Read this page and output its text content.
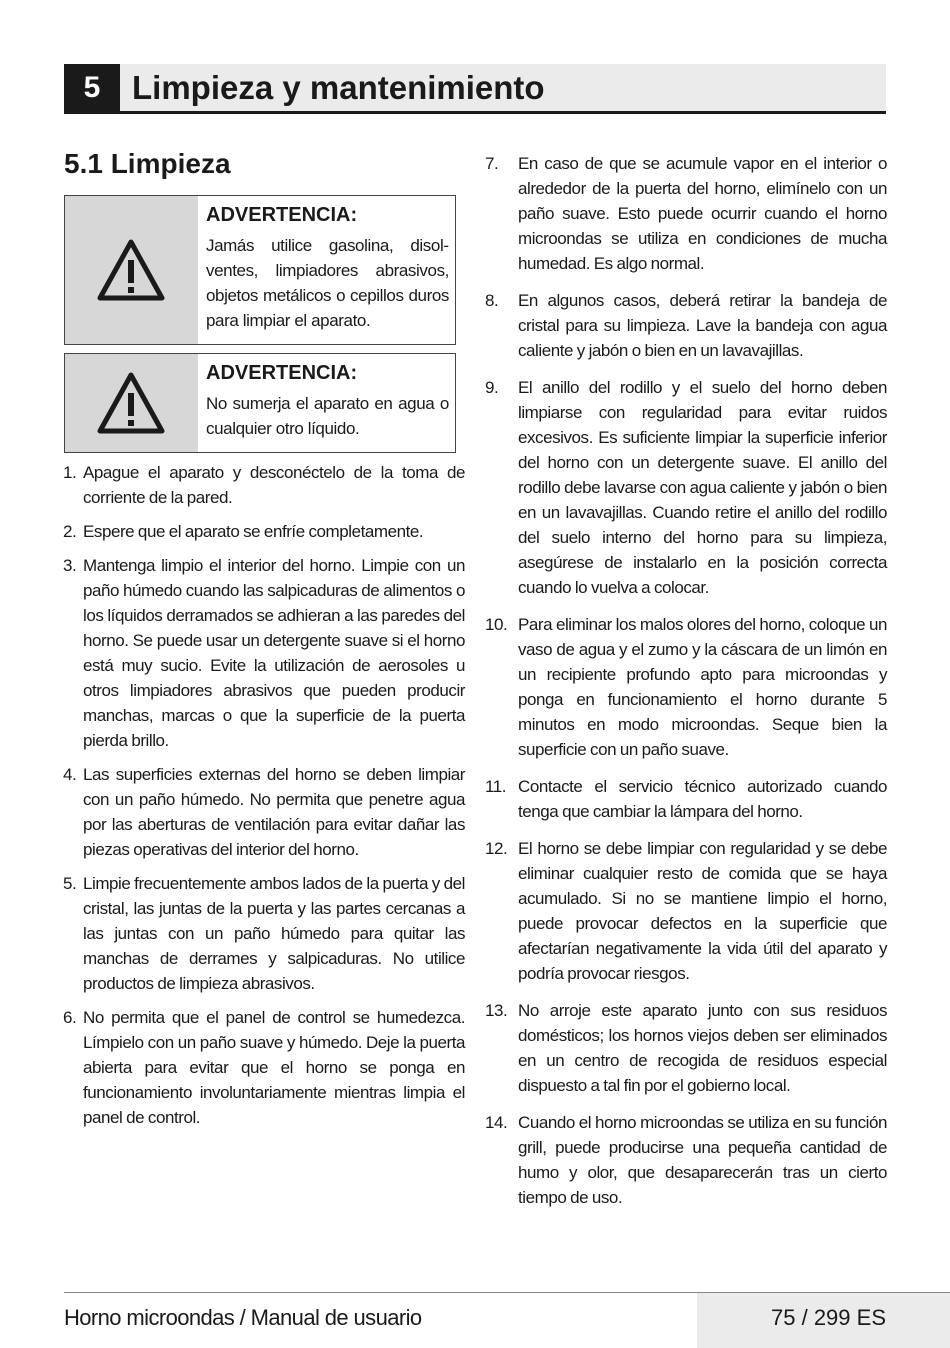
5 Limpieza y mantenimiento
5.1 Limpieza
ADVERTENCIA:
Jamás utilice gasolina, disolventes, limpiadores abrasivos, objetos metálicos o cepillos duros para limpiar el aparato.
ADVERTENCIA:
No sumerja el aparato en agua o cualquier otro líquido.
1. Apague el aparato y desconéctelo de la toma de corriente de la pared.
2. Espere que el aparato se enfríe completamente.
3. Mantenga limpio el interior del horno. Limpie con un paño húmedo cuando las salpicaduras de alimentos o los líquidos derramados se adhieran a las paredes del horno. Se puede usar un detergente suave si el horno está muy sucio. Evite la utilización de aerosoles u otros limpiadores abrasivos que pueden producir manchas, marcas o que la superficie de la puerta pierda brillo.
4. Las superficies externas del horno se deben limpiar con un paño húmedo. No permita que penetre agua por las aberturas de ventilación para evitar dañar las piezas operativas del interior del horno.
5. Limpie frecuentemente ambos lados de la puerta y del cristal, las juntas de la puerta y las partes cercanas a las juntas con un paño húmedo para quitar las manchas de derrames y salpicaduras. No utilice productos de limpieza abrasivos.
6. No permita que el panel de control se humedezca. Límpielo con un paño suave y húmedo. Deje la puerta abierta para evitar que el horno se ponga en funcionamiento involuntariamente mientras limpia el panel de control.
7. En caso de que se acumule vapor en el interior o alrededor de la puerta del horno, elimínelo con un paño suave. Esto puede ocurrir cuando el horno microondas se utiliza en condiciones de mucha humedad. Es algo normal.
8. En algunos casos, deberá retirar la bandeja de cristal para su limpieza. Lave la bandeja con agua caliente y jabón o bien en un lavavajillas.
9. El anillo del rodillo y el suelo del horno deben limpiarse con regularidad para evitar ruidos excesivos. Es suficiente limpiar la superficie inferior del horno con un detergente suave. El anillo del rodillo debe lavarse con agua caliente y jabón o bien en un lavavajillas. Cuando retire el anillo del rodillo del suelo interno del horno para su limpieza, asegúrese de instalarlo en la posición correcta cuando lo vuelva a colocar.
10. Para eliminar los malos olores del horno, coloque un vaso de agua y el zumo y la cáscara de un limón en un recipiente profundo apto para microondas y ponga en funcionamiento el horno durante 5 minutos en modo microondas. Seque bien la superficie con un paño suave.
11. Contacte el servicio técnico autorizado cuando tenga que cambiar la lámpara del horno.
12. El horno se debe limpiar con regularidad y se debe eliminar cualquier resto de comida que se haya acumulado. Si no se mantiene limpio el horno, puede provocar defectos en la superficie que afectarían negativamente la vida útil del aparato y podría provocar riesgos.
13. No arroje este aparato junto con sus residuos domésticos; los hornos viejos deben ser eliminados en un centro de recogida de residuos especial dispuesto a tal fin por el gobierno local.
14. Cuando el horno microondas se utiliza en su función grill, puede producirse una pequeña cantidad de humo y olor, que desaparecerán tras un cierto tiempo de uso.
Horno microondas / Manual de usuario	75 / 299 ES
